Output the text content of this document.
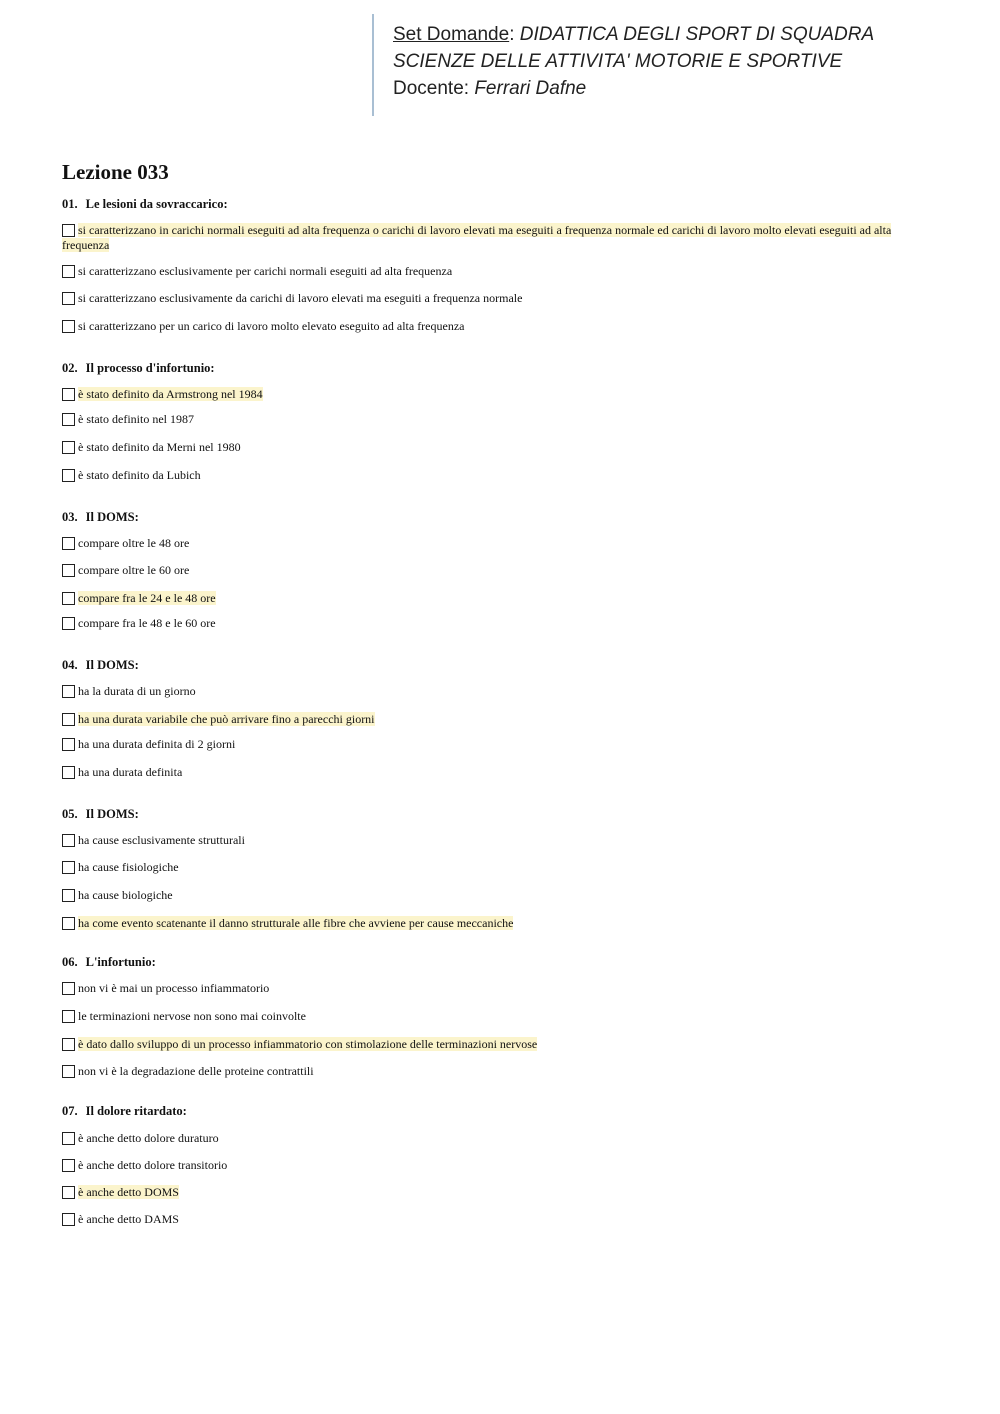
Set Domande: DIDATTICA DEGLI SPORT DI SQUADRA
SCIENZE DELLE ATTIVITA' MOTORIE E SPORTIVE
Docente: Ferrari Dafne
Lezione 033

01. Le lesioni da sovraccarico:

si caratterizzano in carichi normali eseguiti ad alta frequenza o carichi di lavoro elevati ma eseguiti a frequenza normale ed carichi di lavoro molto elevati eseguiti ad alta frequenza
si caratterizzano esclusivamente per carichi normali eseguiti ad alta frequenza
si caratterizzano esclusivamente da carichi di lavoro elevati ma eseguiti a frequenza normale
si caratterizzano per un carico di lavoro molto elevato eseguito ad alta frequenza

02. Il processo d'infortunio:

è stato definito da Armstrong nel 1984
è stato definito nel 1987
è stato definito da Merni nel 1980
è stato definito da Lubich

03. Il DOMS:

compare oltre le 48 ore
compare oltre le 60 ore
compare fra le 24 e le 48 ore
compare fra le 48 e le 60 ore

04. Il DOMS:

ha la durata di un giorno
ha una durata variabile che può arrivare fino a parecchi giorni
ha una durata definita di 2 giorni
ha una durata definita

05. Il DOMS:

ha cause esclusivamente strutturali
ha cause fisiologiche
ha cause biologiche
ha come evento scatenante il danno strutturale alle fibre che avviene per cause meccaniche

06. L'infortunio:

non vi è mai un processo infiammatorio
le terminazioni nervose non sono mai coinvolte
è dato dallo sviluppo di un processo infiammatorio con stimolazione delle terminazioni nervose
non vi è la degradazione delle proteine contrattili

07. Il dolore ritardato:

è anche detto dolore duraturo
è anche detto dolore transitorio
è anche detto DOMS
è anche detto DAMS
